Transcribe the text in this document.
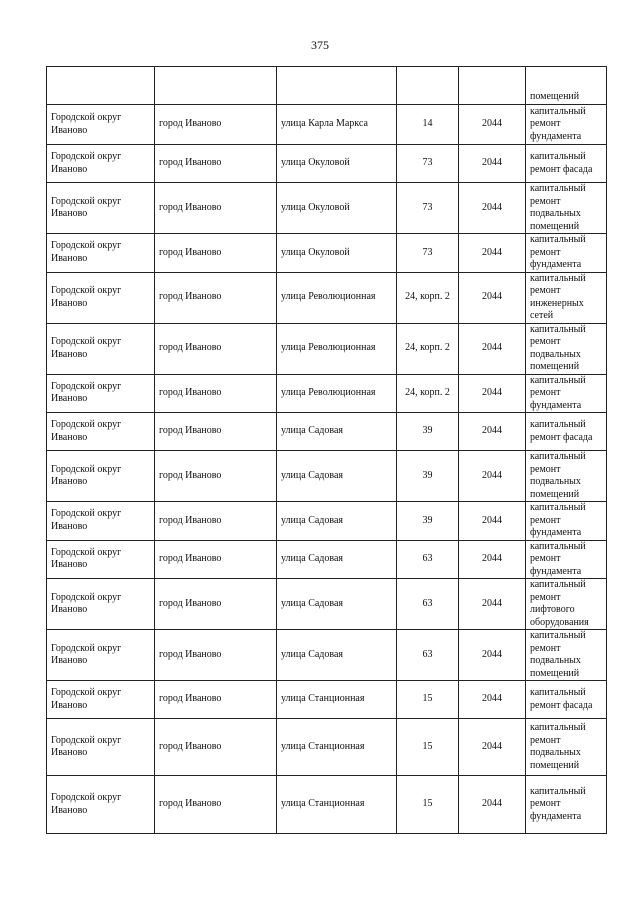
375
					помещений
Городской округ Иваново	город Иваново	улица Карла Маркса	14	2044	капитальный ремонт фундамента
Городской округ Иваново	город Иваново	улица Окуловой	73	2044	капитальный ремонт фасада
Городской округ Иваново	город Иваново	улица Окуловой	73	2044	капитальный ремонт подвальных помещений
Городской округ Иваново	город Иваново	улица Окуловой	73	2044	капитальный ремонт фундамента
Городской округ Иваново	город Иваново	улица Революционная	24, корп. 2	2044	капитальный ремонт инженерных сетей
Городской округ Иваново	город Иваново	улица Революционная	24, корп. 2	2044	капитальный ремонт подвальных помещений
Городской округ Иваново	город Иваново	улица Революционная	24, корп. 2	2044	капитальный ремонт фундамента
Городской округ Иваново	город Иваново	улица Садовая	39	2044	капитальный ремонт фасада
Городской округ Иваново	город Иваново	улица Садовая	39	2044	капитальный ремонт подвальных помещений
Городской округ Иваново	город Иваново	улица Садовая	39	2044	капитальный ремонт фундамента
Городской округ Иваново	город Иваново	улица Садовая	63	2044	капитальный ремонт фундамента
Городской округ Иваново	город Иваново	улица Садовая	63	2044	капитальный ремонт лифтового оборудования
Городской округ Иваново	город Иваново	улица Садовая	63	2044	капитальный ремонт подвальных помещений
Городской округ Иваново	город Иваново	улица Станционная	15	2044	капитальный ремонт фасада
Городской округ Иваново	город Иваново	улица Станционная	15	2044	капитальный ремонт подвальных помещений
Городской округ Иваново	город Иваново	улица Станционная	15	2044	капитальный ремонт фундамента
